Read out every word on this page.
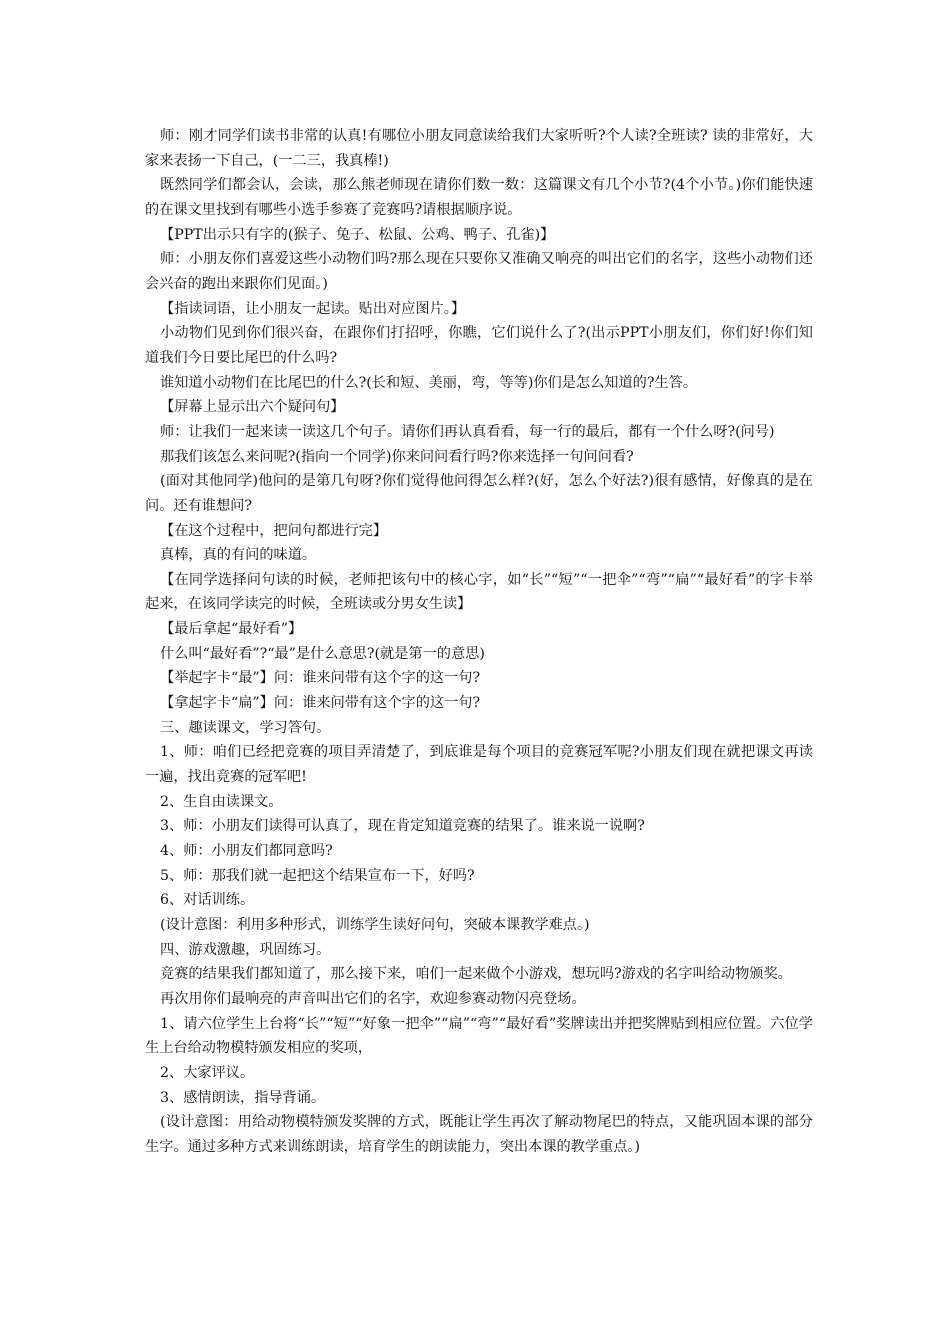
师：刚才同学们读书非常的认真!有哪位小朋友同意读给我们大家听听?个人读?全班读? 读的非常好，大家来表扬一下自己，(一二三，我真棒!)

既然同学们都会认，会读，那么熊老师现在请你们数一数：这篇课文有几个小节?(4个小节。)你们能快速的在课文里找到有哪些小选手参赛了竞赛吗?请根据顺序说。

【PPT出示只有字的(猴子、兔子、松鼠、公鸡、鸭子、孔雀)】

师：小朋友你们喜爱这些小动物们吗?那么现在只要你又准确又响亮的叫出它们的名字，这些小动物们还会兴奋的跑出来跟你们见面。)

【指读词语，让小朋友一起读。贴出对应图片。】

小动物们见到你们很兴奋，在跟你们打招呼，你瞧，它们说什么了?(出示PPT小朋友们，你们好!你们知道我们今日要比尾巴的什么吗?

谁知道小动物们在比尾巴的什么?(长和短、美丽，弯，等等)你们是怎么知道的?生答。

【屏幕上显示出六个疑问句】

师：让我们一起来读一读这几个句子。请你们再认真看看，每一行的最后，都有一个什么呀?(问号)

那我们该怎么来问呢?(指向一个同学)你来问问看行吗?你来选择一句问问看?

(面对其他同学)他问的是第几句呀?你们觉得他问得怎么样?(好，怎么个好法?)很有感情，好像真的是在问。还有谁想问?

【在这个过程中，把问句都进行完】

真棒，真的有问的味道。

【在同学选择问句读的时候，老师把该句中的核心字，如“长”“短”“一把伞”“弯”“扁”“最好看”的字卡举起来，在该同学读完的时候，全班读或分男女生读】

【最后拿起“最好看”】

什么叫“最好看”?“最”是什么意思?(就是第一的意思)

【举起字卡“最”】问：谁来问带有这个字的这一句?

【拿起字卡“扁”】问：谁来问带有这个字的这一句?

三、趣读课文，学习答句。

1、师：咱们已经把竞赛的项目弄清楚了，到底谁是每个项目的竞赛冠军呢?小朋友们现在就把课文再读一遍，找出竞赛的冠军吧!

2、生自由读课文。

3、师：小朋友们读得可认真了，现在肯定知道竞赛的结果了。谁来说一说啊?

4、师：小朋友们都同意吗?

5、师：那我们就一起把这个结果宣布一下，好吗?

6、对话训练。

(设计意图：利用多种形式，训练学生读好问句，突破本课教学难点。)

四、游戏激趣，巩固练习。

竞赛的结果我们都知道了，那么接下来，咱们一起来做个小游戏，想玩吗?游戏的名字叫给动物颁奖。

再次用你们最响亮的声音叫出它们的名字，欢迎参赛动物闪亮登场。

1、请六位学生上台将“长”“短”“好象一把伞”“扁”“弯”“最好看”奖牌读出并把奖牌贴到相应位置。六位学生上台给动物模特颁发相应的奖项，

2、大家评议。

3、感情朗读，指导背诵。

(设计意图：用给动物模特颁发奖牌的方式，既能让学生再次了解动物尾巴的特点，又能巩固本课的部分生字。通过多种方式来训练朗读，培育学生的朗读能力，突出本课的教学重点。)
